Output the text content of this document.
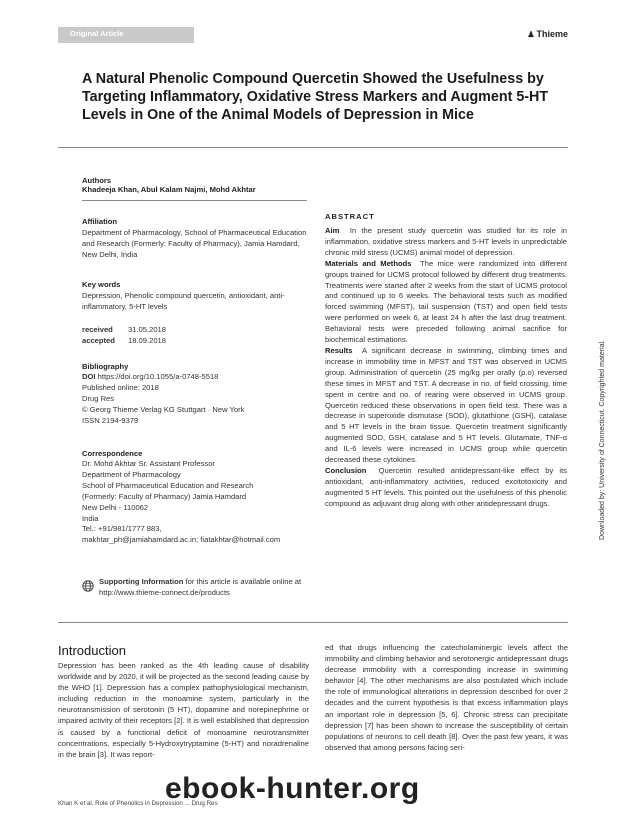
Original Article	♟ Thieme
A Natural Phenolic Compound Quercetin Showed the Usefulness by Targeting Inflammatory, Oxidative Stress Markers and Augment 5-HT Levels in One of the Animal Models of Depression in Mice
Authors
Khadeeja Khan, Abul Kalam Najmi, Mohd Akhtar
Affiliation
Department of Pharmacology, School of Pharmaceutical Education and Research (Formerly: Faculty of Pharmacy), Jamia Hamdard, New Delhi, India
Key words
Depression, Phenolic compound quercetin, antioxidant, anti-inflammatory, 5-HT levels
received 31.05.2018
accepted 18.09.2018
Bibliography
DOI https://doi.org/10.1055/a-0748-5518
Published online: 2018
Drug Res
© Georg Thieme Verlag KG Stuttgart · New York
ISSN 2194-9379
Correspondence
Dr. Mohd Akhtar Sr. Assistant Professor
Department of Pharmacology
School of Pharmaceutical Education and Research
(Formerly: Faculty of Pharmacy) Jamia Hamdard
New Delhi - 110062
India
Tel.: +91/981/1777 883,
makhtar_ph@jamiahamdard.ac.in; fiatakhtar@hotmail.com
Supporting Information for this article is available online at http://www.thieme-connect.de/products
ABSTRACT
Aim In the present study quercetin was studied for its role in inflammation, oxidative stress markers and 5-HT levels in unpredictable chronic mild stress (UCMS) animal model of depression.
Materials and Methods The mice were randomized into different groups trained for UCMS protocol followed by different drug treatments. Treatments were started after 2 weeks from the start of UCMS protocol and continued up to 6 weeks. The behavioral tests such as modified forced swimming (MFST), tail suspension (TST) and open field tests were performed on week 6, at least 24 h after the last drug treatment. Behavioral tests were preceded following animal sacrifice for biochemical estimations.
Results A significant decrease in swimming, climbing times and increase in immobility time in MFST and TST was observed in UCMS group. Administration of quercetin (25 mg/kg per orally (p.o) reversed these times in MFST and TST. A decrease in no. of field crossing, time spent in centre and no. of rearing were observed in UCMS group. Quercetin reduced these observations in open field test. There was a decrease in superoxide dismutase (SOD), glutathione (GSH), catalase and 5 HT levels in the brain tissue. Quercetin treatment significantly augmented SOD, GSH, catalase and 5 HT levels. Glutamate, TNF-α and IL-6 levels were increased in UCMS group while quercetin decreased these cytokines.
Conclusion Quercetin resulted antidepressant-like effect by its antioxidant, anti-inflammatory activities, reduced excitotoxicity and augmented 5 HT levels. This pointed out the usefulness of this phenolic compound as adjuvant drug along with other antidepressant drugs.	Downloaded by: University of Connecticut. Copyrighted material.
Introduction
Depression has been ranked as the 4th leading cause of disability worldwide and by 2020, it will be projected as the second leading cause by the WHO [1]. Depression has a complex pathophysiological mechanism, including reduction in the monoamine system, particularly in the neurotransmission of serotonin (5 HT), dopamine and norepinephrine or impaired activity of their receptors [2]. It is well established that depression is caused by a functional deficit of monoamine neurotransmitter concentrations, especially 5-Hydroxytryptamine (5-HT) and noradrenaline in the brain [3]. It was report-
ed that drugs influencing the catecholaminergic levels affect the immobility and climbing behavior and serotonergic antidepressant drugs decrease immobility with a corresponding increase in swimming behavior [4]. The other mechanisms are also postulated which include the role of immunological alterations in depression described for over 2 decades and the current hypothesis is that excess inflammation plays an important role in depression [5, 6]. Chronic stress can precipitate depression [7] has been shown to increase the susceptibility of certain populations of neurons to cell death [8]. Over the past few years, it was observed that among persons facing seri-
Khan K et al. Role of Phenolics in Depression ... Drug Res
ebook-hunter.org
